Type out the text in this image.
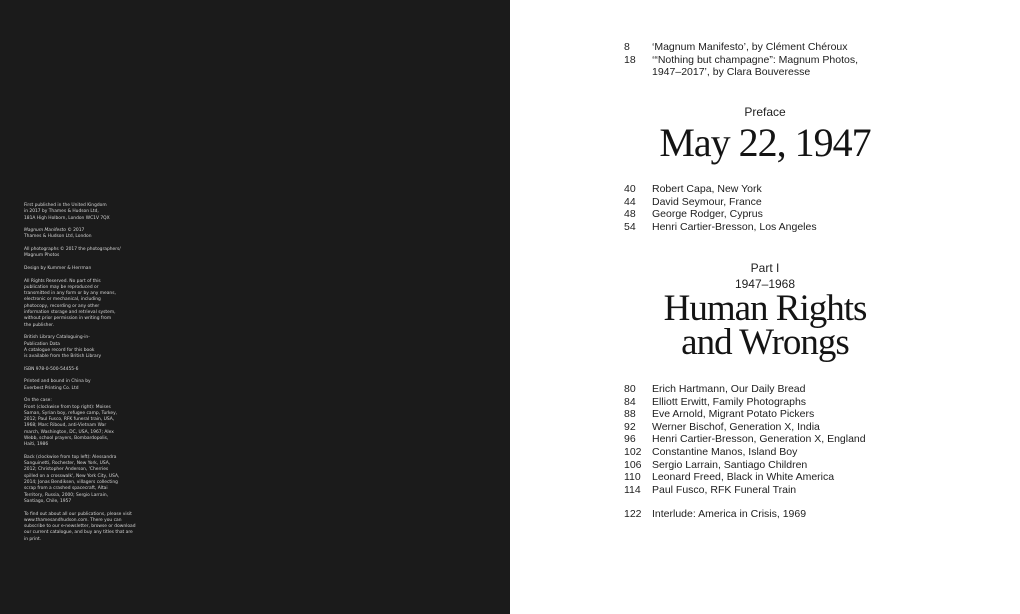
First published in the United Kingdom
in 2017 by Thames & Hudson Ltd,
181A High Holborn, London WC1V 7QX

Magnum Manifesto © 2017
Thames & Hudson Ltd, London

All photographs © 2017 the photographers/
Magnum Photos

Design by Kummer & Herrman

All Rights Reserved. No part of this
publication may be reproduced or
transmitted in any form or by any means,
electronic or mechanical, including
photocopy, recording or any other
information storage and retrieval system,
without prior permission in writing from
the publisher.

British Library Cataloguing-in-
Publication Data
A catalogue record for this book
is available from the British Library

ISBN 978-0-500-54455-6

Printed and bound in China by
Everbest Printing Co. Ltd

On the case:
Front (clockwise from top right): Moises
Saman, Syrian boy, refugee camp, Turkey,
2012; Paul Fusco, RFK funeral train, USA,
1968; Marc Riboud, anti-Vietnam War
march, Washington, DC, USA, 1967; Alex
Webb, school prayers, Bombardopolis,
Haiti, 1986

Back (clockwise from top left): Alessandra
Sanguinetti, Rochester, New York, USA,
2012; Christopher Anderson, 'Cherries
spilled on a crosswalk', New York City, USA,
2014; Jonas Bendiksen, villagers collecting
scrap from a crashed spacecraft, Altai
Territory, Russia, 2000; Sergio Larrain,
Santiago, Chile, 1957

To find out about all our publications, please visit
www.thamesandhudson.com. There you can
subscribe to our e-newsletter, browse or download
our current catalogue, and buy any titles that are
in print.

8 ‘Magnum Manifesto’, by Clément Chéroux
18 ‘“Nothing but champagne”: Magnum Photos,
1947–2017’, by Clara Bouveresse
Preface
May 22, 1947
40 Robert Capa, New York
44 David Seymour, France
48 George Rodger, Cyprus
54 Henri Cartier-Bresson, Los Angeles
Part I
1947–1968
Human Rights
and Wrongs
80 Erich Hartmann, Our Daily Bread
84 Elliott Erwitt, Family Photographs
88 Eve Arnold, Migrant Potato Pickers
92 Werner Bischof, Generation X, India
96 Henri Cartier-Bresson, Generation X, England
102 Constantine Manos, Island Boy
106 Sergio Larrain, Santiago Children
110 Leonard Freed, Black in White America
114 Paul Fusco, RFK Funeral Train
122 Interlude: America in Crisis, 1969
